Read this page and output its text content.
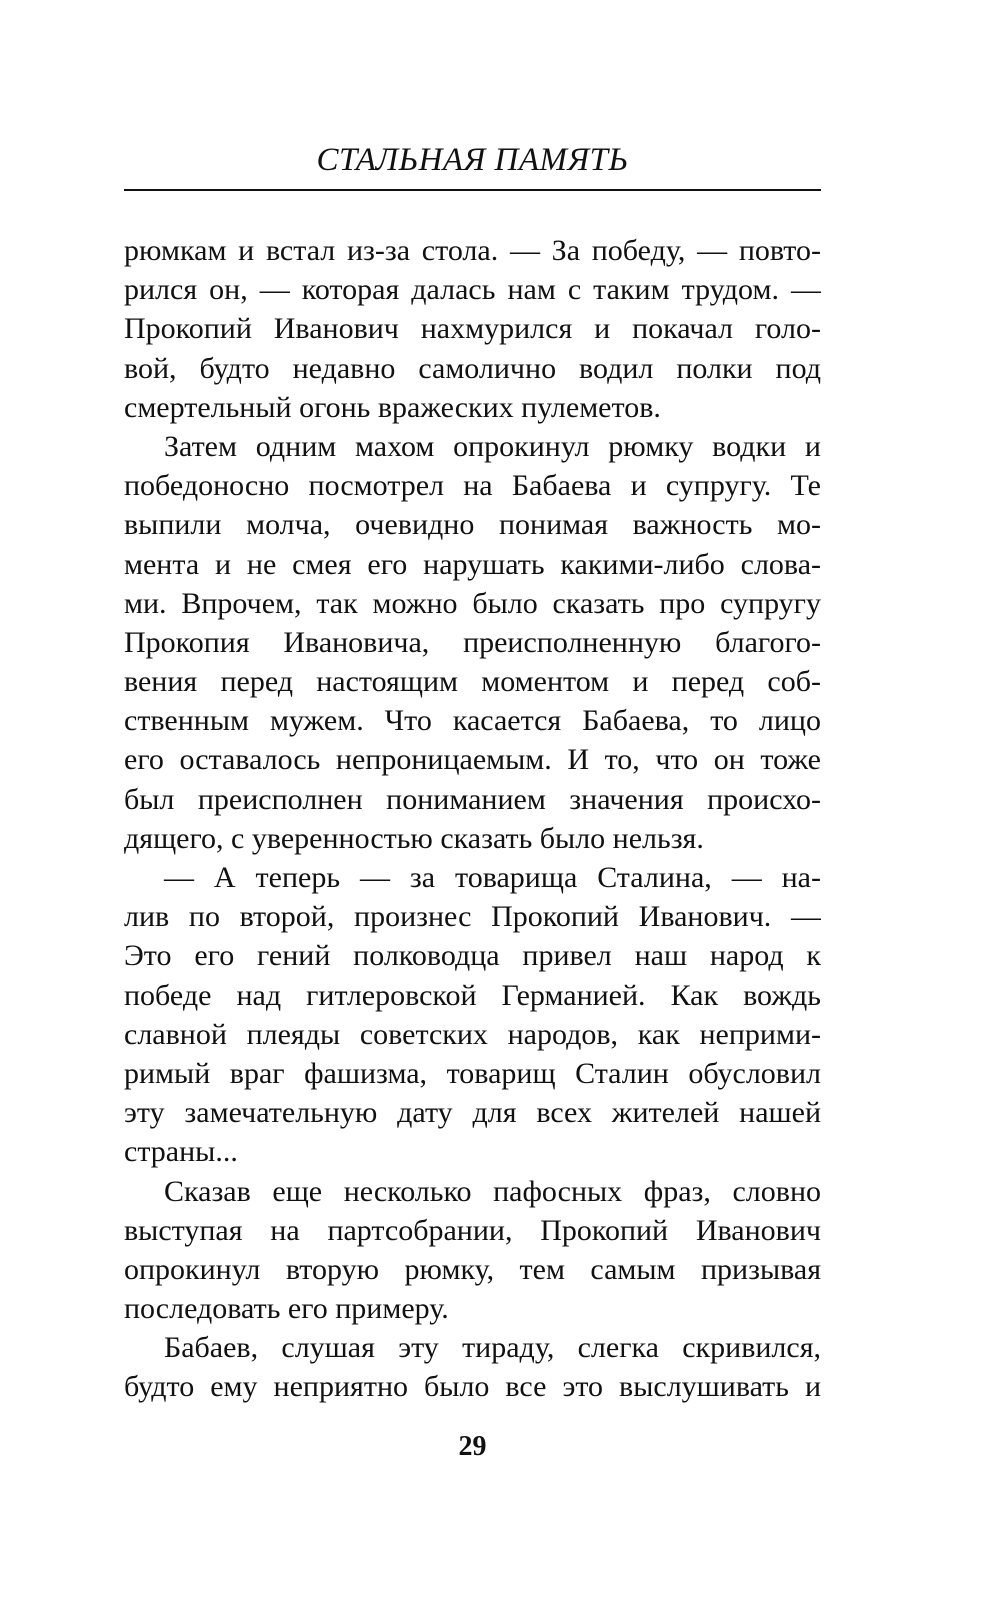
СТАЛЬНАЯ ПАМЯТЬ
рюмкам и встал из-за стола. — За победу, — повто-
рился он, — которая далась нам с таким трудом. —
Прокопий Иванович нахмурился и покачал голо-
вой, будто недавно самолично водил полки под
смертельный огонь вражеских пулеметов.
Затем одним махом опрокинул рюмку водки и
победоносно посмотрел на Бабаева и супругу. Те
выпили молча, очевидно понимая важность мо-
мента и не смея его нарушать какими-либо слова-
ми. Впрочем, так можно было сказать про супругу
Прокопия Ивановича, преисполненную благого-
вения перед настоящим моментом и перед соб-
ственным мужем. Что касается Бабаева, то лицо
его оставалось непроницаемым. И то, что он тоже
был преисполнен пониманием значения происхо-
дящего, с уверенностью сказать было нельзя.
— А теперь — за товарища Сталина, — на-
лив по второй, произнес Прокопий Иванович. —
Это его гений полководца привел наш народ к
победе над гитлеровской Германией. Как вождь
славной плеяды советских народов, как неприми-
римый враг фашизма, товарищ Сталин обусловил
эту замечательную дату для всех жителей нашей
страны...
Сказав еще несколько пафосных фраз, словно
выступая на партсобрании, Прокопий Иванович
опрокинул вторую рюмку, тем самым призывая
последовать его примеру.
Бабаев, слушая эту тираду, слегка скривился,
будто ему неприятно было все это выслушивать и
29
